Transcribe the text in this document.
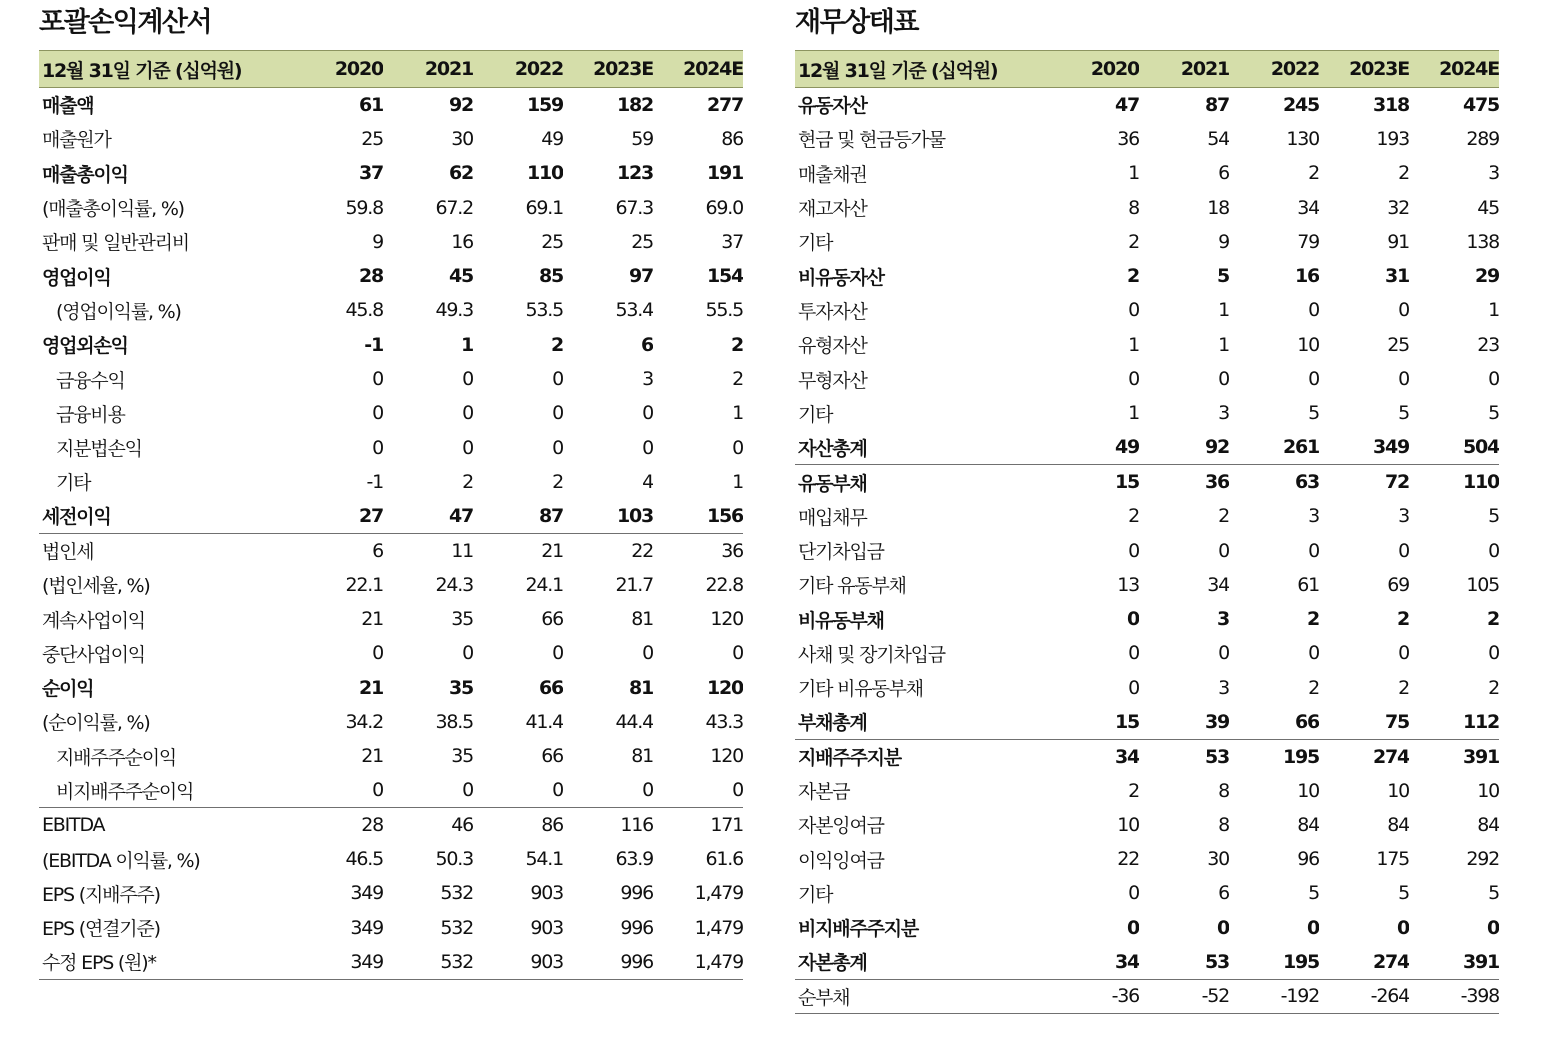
포괄손익계산서
12월 31일 기준 (십억원)	2020	2021	2022	2023E	2024E
매출액	61	92	159	182	277
매출원가	25	30	49	59	86
매출총이익	37	62	110	123	191
(매출총이익률, %)	59.8	67.2	69.1	67.3	69.0
판매 및 일반관리비	9	16	25	25	37
영업이익	28	45	85	97	154
(영업이익률, %)	45.8	49.3	53.5	53.4	55.5
영업외손익	-1	1	2	6	2
금융수익	0	0	0	3	2
금융비용	0	0	0	0	1
지분법손익	0	0	0	0	0
기타	-1	2	2	4	1
세전이익	27	47	87	103	156
법인세	6	11	21	22	36
(법인세율, %)	22.1	24.3	24.1	21.7	22.8
계속사업이익	21	35	66	81	120
중단사업이익	0	0	0	0	0
순이익	21	35	66	81	120
(순이익률, %)	34.2	38.5	41.4	44.4	43.3
지배주주순이익	21	35	66	81	120
비지배주주순이익	0	0	0	0	0
EBITDA	28	46	86	116	171
(EBITDA 이익률, %)	46.5	50.3	54.1	63.9	61.6
EPS (지배주주)	349	532	903	996	1,479
EPS (연결기준)	349	532	903	996	1,479
수정 EPS (원)*	349	532	903	996	1,479
재무상태표
12월 31일 기준 (십억원)	2020	2021	2022	2023E	2024E
유동자산	47	87	245	318	475
현금 및 현금등가물	36	54	130	193	289
매출채권	1	6	2	2	3
재고자산	8	18	34	32	45
기타	2	9	79	91	138
비유동자산	2	5	16	31	29
투자자산	0	1	0	0	1
유형자산	1	1	10	25	23
무형자산	0	0	0	0	0
기타	1	3	5	5	5
자산총계	49	92	261	349	504
유동부채	15	36	63	72	110
매입채무	2	2	3	3	5
단기차입금	0	0	0	0	0
기타 유동부채	13	34	61	69	105
비유동부채	0	3	2	2	2
사채 및 장기차입금	0	0	0	0	0
기타 비유동부채	0	3	2	2	2
부채총계	15	39	66	75	112
지배주주지분	34	53	195	274	391
자본금	2	8	10	10	10
자본잉여금	10	8	84	84	84
이익잉여금	22	30	96	175	292
기타	0	6	5	5	5
비지배주주지분	0	0	0	0	0
자본총계	34	53	195	274	391
순부채	-36	-52	-192	-264	-398
